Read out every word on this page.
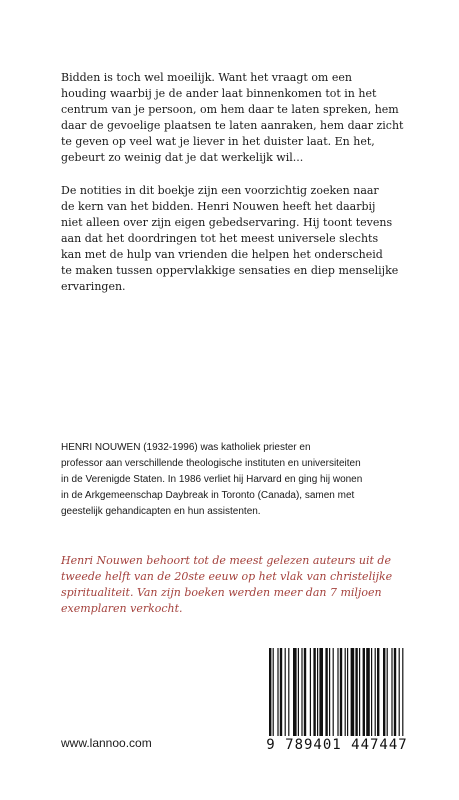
Bidden is toch wel moeilijk. Want het vraagt om een
houding waarbij je de ander laat binnenkomen tot in het
centrum van je persoon, om hem daar te laten spreken, hem
daar de gevoelige plaatsen te laten aanraken, hem daar zicht
te geven op veel wat je liever in het duister laat. En het,
gebeurt zo weinig dat je dat werkelijk wil...

De notities in dit boekje zijn een voorzichtig zoeken naar
de kern van het bidden. Henri Nouwen heeft het daarbij
niet alleen over zijn eigen gebedservaring. Hij toont tevens
aan dat het doordringen tot het meest universele slechts
kan met de hulp van vrienden die helpen het onderscheid
te maken tussen oppervlakkige sensaties en diep menselijke
ervaringen.

HENRI NOUWEN (1932-1996) was katholiek priester en
professor aan verschillende theologische instituten en universiteiten
in de Verenigde Staten. In 1986 verliet hij Harvard en ging hij wonen
in de Arkgemeenschap Daybreak in Toronto (Canada), samen met
geestelijk gehandicapten en hun assistenten.

Henri Nouwen behoort tot de meest gelezen auteurs uit de
tweede helft van de 20ste eeuw op het vlak van christelijke
spiritualiteit. Van zijn boeken werden meer dan 7 miljoen
exemplaren verkocht.

www.lannoo.com	9 789401 447447
